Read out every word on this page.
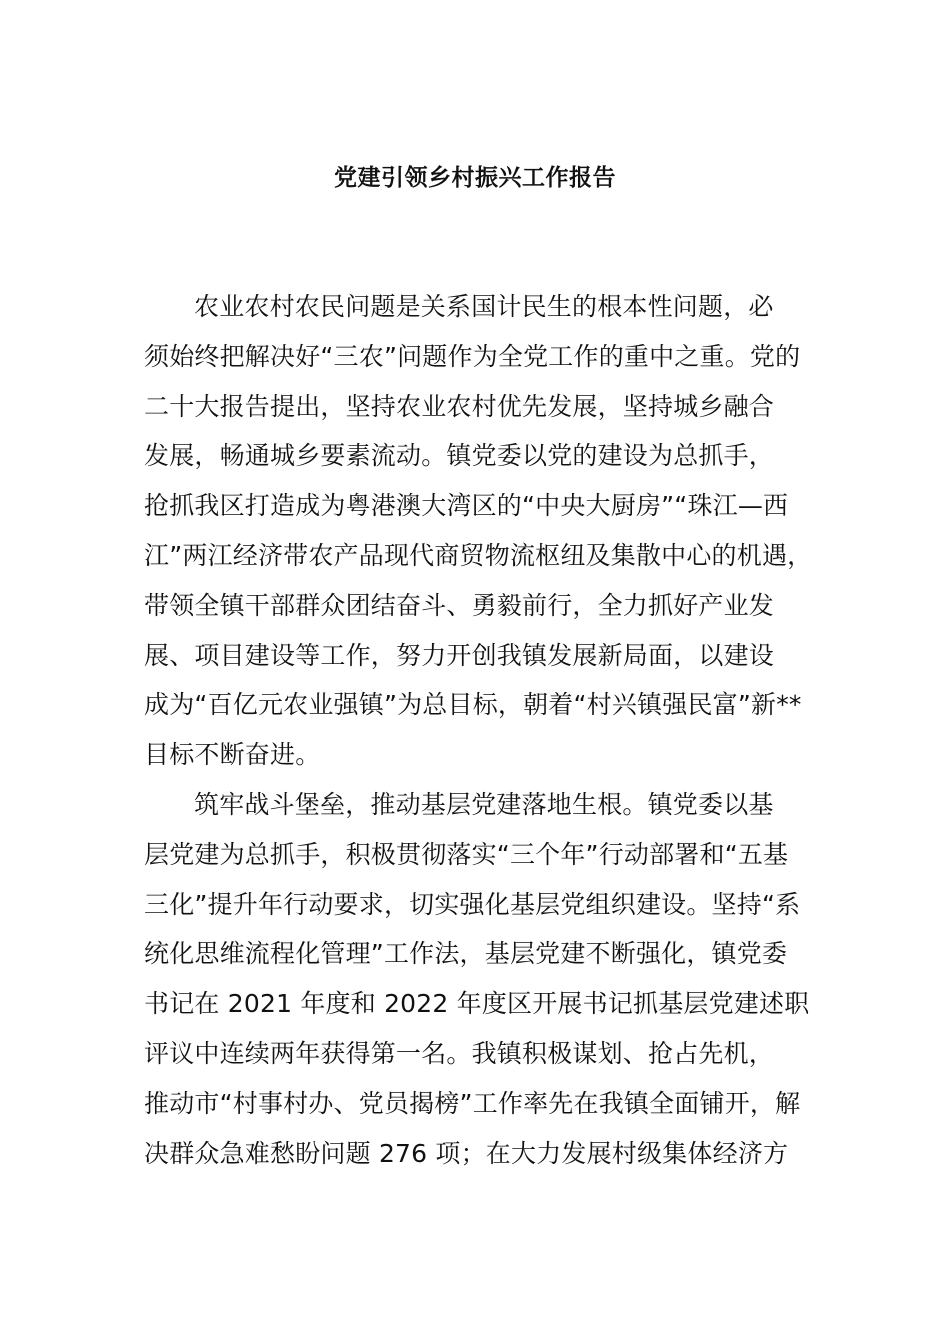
党建引领乡村振兴工作报告
农业农村农民问题是关系国计民生的根本性问题，必
须始终把解决好“三农”问题作为全党工作的重中之重。党的
二十大报告提出，坚持农业农村优先发展，坚持城乡融合
发展，畅通城乡要素流动。镇党委以党的建设为总抓手，
抢抓我区打造成为粤港澳大湾区的“中央大厨房”“珠江—西
江”两江经济带农产品现代商贸物流枢纽及集散中心的机遇，
带领全镇干部群众团结奋斗、勇毅前行，全力抓好产业发
展、项目建设等工作，努力开创我镇发展新局面，以建设
成为“百亿元农业强镇”为总目标，朝着“村兴镇强民富”新**
目标不断奋进。
筑牢战斗堡垒，推动基层党建落地生根。镇党委以基
层党建为总抓手，积极贯彻落实“三个年”行动部署和“五基
三化”提升年行动要求，切实强化基层党组织建设。坚持“系
统化思维流程化管理”工作法，基层党建不断强化，镇党委
书记在 2021 年度和 2022 年度区开展书记抓基层党建述职
评议中连续两年获得第一名。我镇积极谋划、抢占先机，
推动市“村事村办、党员揭榜”工作率先在我镇全面铺开，解
决群众急难愁盼问题 276 项；在大力发展村级集体经济方
